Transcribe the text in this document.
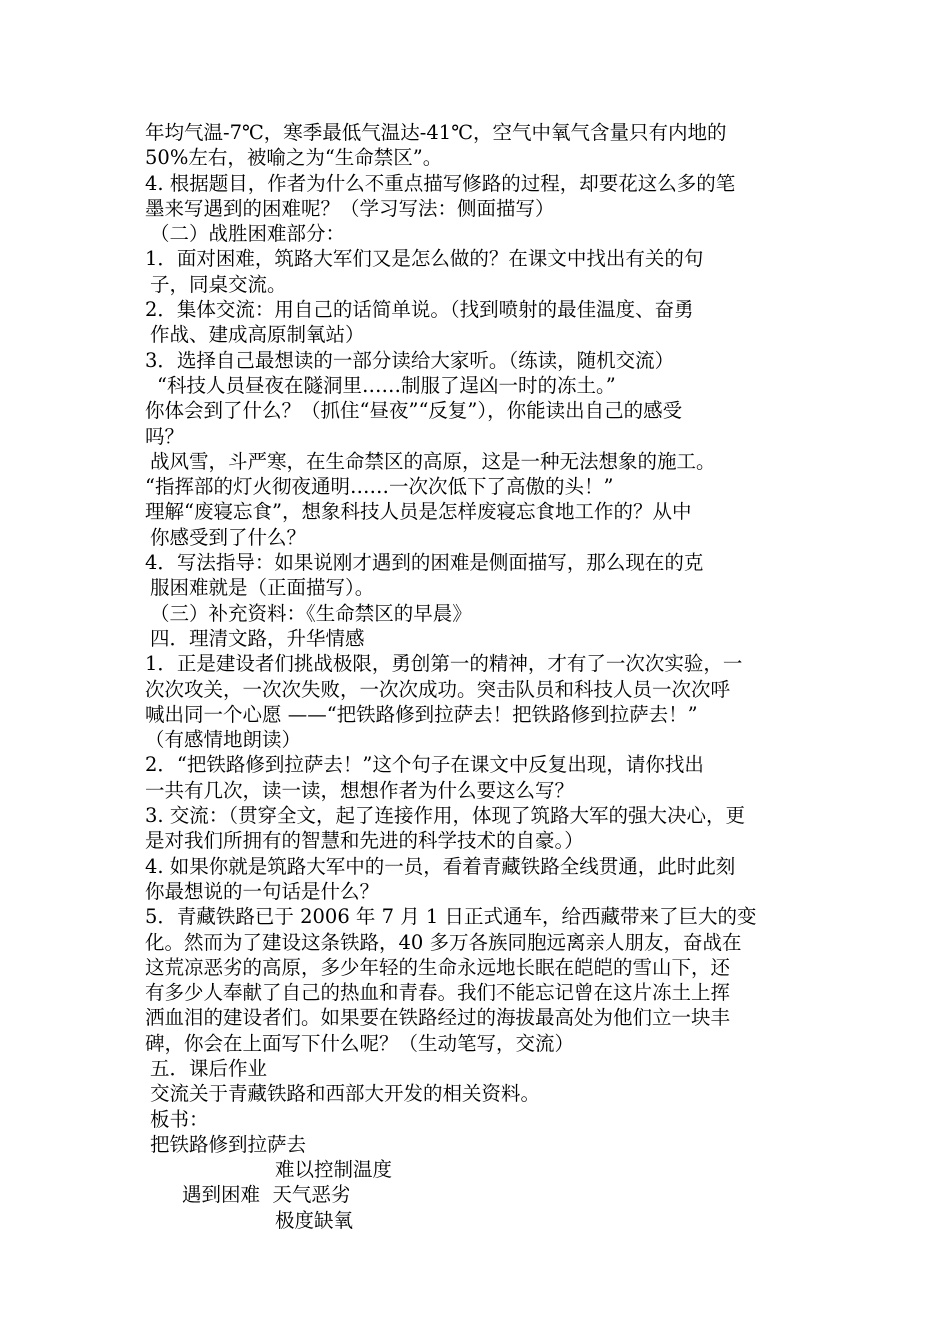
年均气温-7℃，寒季最低气温达-41℃，空气中氧气含量只有内地的
50%左右，被喻之为“生命禁区”。
4. 根据题目，作者为什么不重点描写修路的过程，却要花这么多的笔
墨来写遇到的困难呢？（学习写法：侧面描写）
（二）战胜困难部分：
1．面对困难，筑路大军们又是怎么做的？在课文中找出有关的句
子，同桌交流。
2．集体交流：用自己的话简单说。（找到喷射的最佳温度、奋勇
作战、建成高原制氧站）
3．选择自己最想读的一部分读给大家听。（练读，随机交流）
“科技人员昼夜在隧洞里……制服了逞凶一时的冻土。”
你体会到了什么？（抓住“昼夜”“反复”），你能读出自己的感受
吗？
战风雪，斗严寒，在生命禁区的高原，这是一种无法想象的施工。
“指挥部的灯火彻夜通明……一次次低下了高傲的头！”
理解“废寝忘食”，想象科技人员是怎样废寝忘食地工作的？从中
你感受到了什么？
4．写法指导：如果说刚才遇到的困难是侧面描写，那么现在的克
服困难就是（正面描写）。
（三）补充资料：《生命禁区的早晨》
四．理清文路，升华情感
1．正是建设者们挑战极限，勇创第一的精神，才有了一次次实验，一
次次攻关，一次次失败，一次次成功。突击队员和科技人员一次次呼
喊出同一个心愿 ——“把铁路修到拉萨去！把铁路修到拉萨去！”
（有感情地朗读）
2．“把铁路修到拉萨去！”这个句子在课文中反复出现，请你找出
一共有几次，读一读，想想作者为什么要这么写？
3. 交流：（贯穿全文，起了连接作用，体现了筑路大军的强大决心，更
是对我们所拥有的智慧和先进的科学技术的自豪。）
4. 如果你就是筑路大军中的一员，看着青藏铁路全线贯通，此时此刻
你最想说的一句话是什么？
5．青藏铁路已于 2006 年 7 月 1 日正式通车，给西藏带来了巨大的变
化。然而为了建设这条铁路，40 多万各族同胞远离亲人朋友，奋战在
这荒凉恶劣的高原，多少年轻的生命永远地长眠在皑皑的雪山下，还
有多少人奉献了自己的热血和青春。我们不能忘记曾在这片冻土上挥
洒血泪的建设者们。如果要在铁路经过的海拔最高处为他们立一块丰
碑，你会在上面写下什么呢？（生动笔写，交流）
五．课后作业
交流关于青藏铁路和西部大开发的相关资料。
板书：
把铁路修到拉萨去
难以控制温度
遇到困难  天气恶劣
极度缺氧
